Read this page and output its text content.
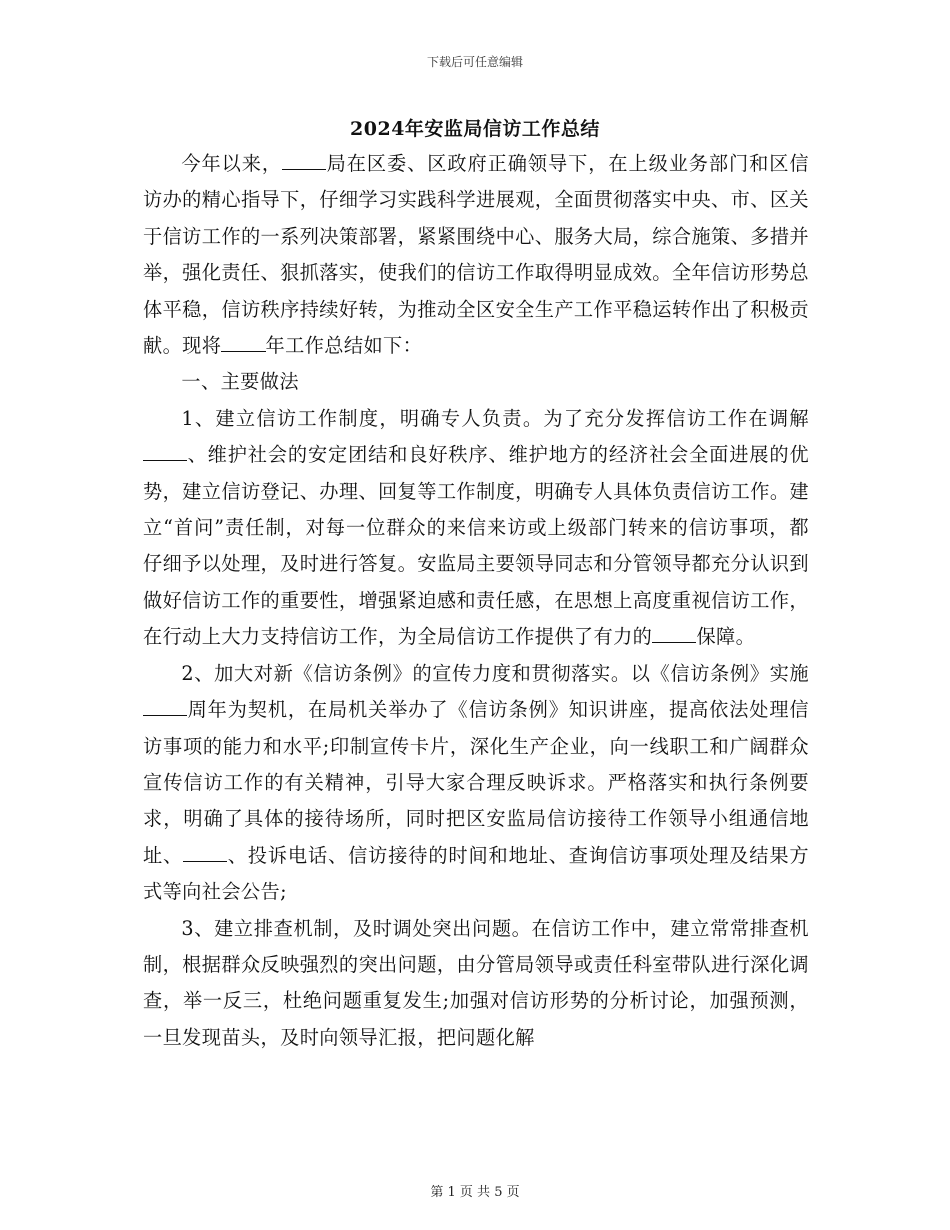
下载后可任意编辑
2024年安监局信访工作总结

今年以来， 局在区委、区政府正确领导下，在上级业务部门和区信访办的精心指导下，仔细学习实践科学进展观，全面贯彻落实中央、市、区关于信访工作的一系列决策部署，紧紧围绕中心、服务大局，综合施策、多措并举，强化责任、狠抓落实，使我们的信访工作取得明显成效。全年信访形势总体平稳，信访秩序持续好转，为推动全区安全生产工作平稳运转作出了积极贡献。现将 年工作总结如下：

一、主要做法

1、建立信访工作制度，明确专人负责。为了充分发挥信访工作在调解、维护社会的安定团结和良好秩序、维护地方的经济社会全面进展的优势，建立信访登记、办理、回复等工作制度，明确专人具体负责信访工作。建立“首问”责任制，对每一位群众的来信来访或上级部门转来的信访事项，都仔细予以处理，及时进行答复。安监局主要领导同志和分管领导都充分认识到做好信访工作的重要性，增强紧迫感和责任感，在思想上高度重视信访工作，在行动上大力支持信访工作，为全局信访工作提供了有力的 保障。

2、加大对新《信访条例》的宣传力度和贯彻落实。以《信访条例》实施周年为契机，在局机关举办了《信访条例》知识讲座，提高依法处理信访事项的能力和水平;印制宣传卡片，深化生产企业，向一线职工和广阔群众宣传信访工作的有关精神，引导大家合理反映诉求。严格落实和执行条例要求，明确了具体的接待场所，同时把区安监局信访接待工作领导小组通信地址、 、投诉电话、信访接待的时间和地址、查询信访事项处理及结果方式等向社会公告;

3、建立排查机制，及时调处突出问题。在信访工作中，建立常常排查机制，根据群众反映强烈的突出问题，由分管局领导或责任科室带队进行深化调查，举一反三，杜绝问题重复发生;加强对信访形势的分析讨论，加强预测，一旦发现苗头，及时向领导汇报，把问题化解

第 1 页 共 5 页
